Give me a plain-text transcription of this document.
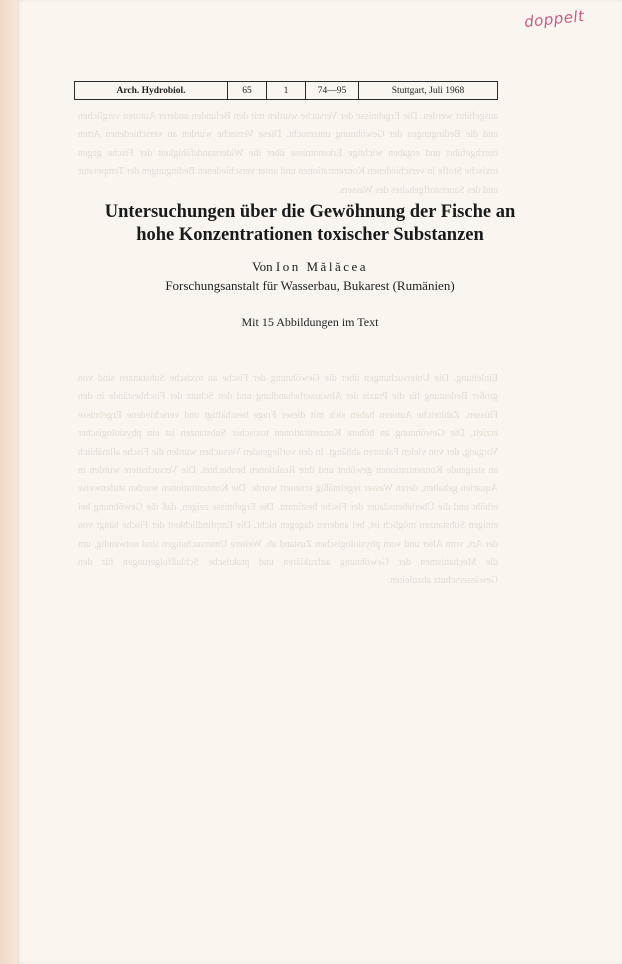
ausgeführt werden. Die Ergebnisse der Versuche wurden mit den Befunden anderer Autoren verglichen und die Bedingungen der Gewöhnung untersucht. Diese Versuche wurden an verschiedenen Arten durchgeführt und ergaben wichtige Erkenntnisse über die Widerstandsfähigkeit der Fische gegen toxische Stoffe in verschiedenen Konzentrationen und unter verschiedenen Bedingungen der Temperatur und des Sauerstoffgehaltes des Wassers.
Einleitung. Die Untersuchungen über die Gewöhnung der Fische an toxische Substanzen sind von großer Bedeutung für die Praxis der Abwasserbehandlung und den Schutz der Fischbestände in den Flüssen. Zahlreiche Autoren haben sich mit dieser Frage beschäftigt und verschiedene Ergebnisse erzielt. Die Gewöhnung an höhere Konzentrationen toxischer Substanzen ist ein physiologischer Vorgang, der von vielen Faktoren abhängt. In den vorliegenden Versuchen wurden die Fische allmählich an steigende Konzentrationen gewöhnt und ihre Reaktionen beobachtet. Die Versuchstiere wurden in Aquarien gehalten, deren Wasser regelmäßig erneuert wurde. Die Konzentrationen wurden stufenweise erhöht und die Überlebensdauer der Fische bestimmt. Die Ergebnisse zeigen, daß die Gewöhnung bei einigen Substanzen möglich ist, bei anderen dagegen nicht. Die Empfindlichkeit der Fische hängt von der Art, vom Alter und vom physiologischen Zustand ab. Weitere Untersuchungen sind notwendig, um die Mechanismen der Gewöhnung aufzuklären und praktische Schlußfolgerungen für den Gewässerschutz abzuleiten.
doppelt
Arch. Hydrobiol.	65	1	74—95	Stuttgart, Juli 1968
Untersuchungen über die Gewöhnung der Fische an
hohe Konzentrationen toxischer Substanzen
Von Ion Mălăcea
Forschungsanstalt für Wasserbau, Bukarest (Rumänien)
Mit 15 Abbildungen im Text
